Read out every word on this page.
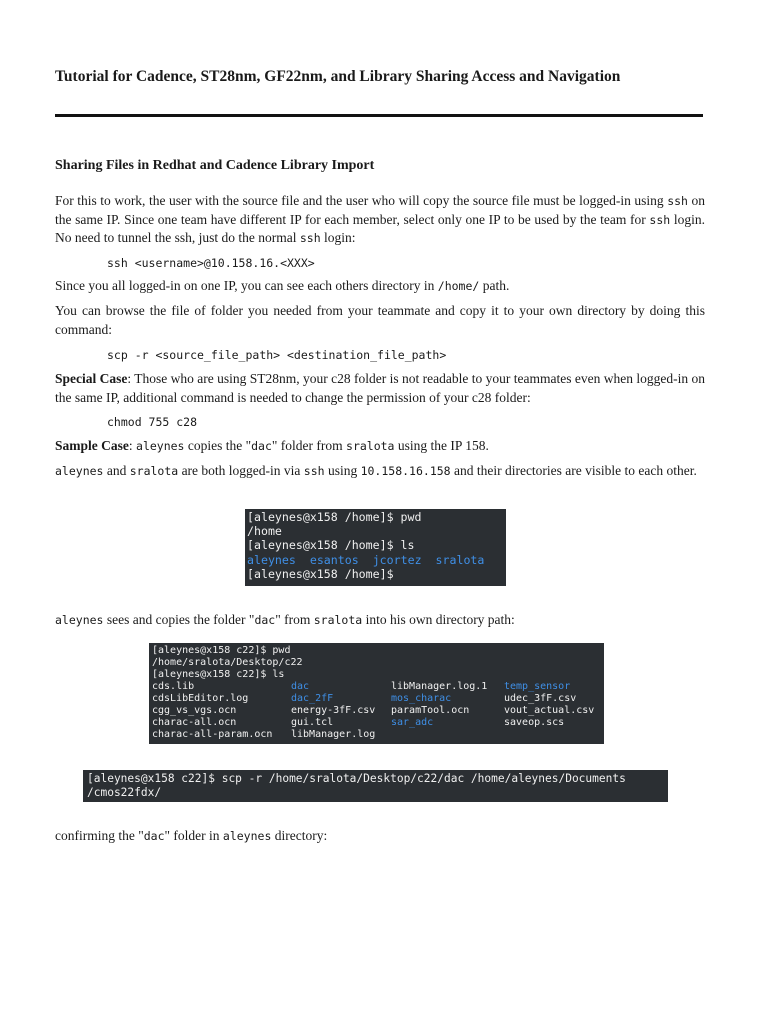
Tutorial for Cadence, ST28nm, GF22nm, and Library Sharing Access and Navigation
Sharing Files in Redhat and Cadence Library Import
For this to work, the user with the source file and the user who will copy the source file must be logged-in using ssh on the same IP. Since one team have different IP for each member, select only one IP to be used by the team for ssh login. No need to tunnel the ssh, just do the normal ssh login:
ssh <username>@10.158.16.<XXX>
Since you all logged-in on one IP, you can see each others directory in /home/ path.
You can browse the file of folder you needed from your teammate and copy it to your own directory by doing this command:
scp -r <source_file_path> <destination_file_path>
Special Case: Those who are using ST28nm, your c28 folder is not readable to your teammates even when logged-in on the same IP, additional command is needed to change the permission of your c28 folder:
chmod 755 c28
Sample Case: aleynes copies the "dac" folder from sralota using the IP 158.
aleynes and sralota are both logged-in via ssh using 10.158.16.158 and their directories are visible to each other.
[aleynes@x158 /home]$ pwd
/home
[aleynes@x158 /home]$ ls
aleynes esantos jcortez sralota
[aleynes@x158 /home]$
aleynes sees and copies the folder "dac" from sralota into his own directory path:
[aleynes@x158 c22]$ pwd
/home/sralota/Desktop/c22
[aleynes@x158 c22]$ ls
cds.lib	dac	libManager.log.1	temp_sensor
cdsLibEditor.log	dac_2fF	mos_charac	udec_3fF.csv
cgg_vs_vgs.ocn	energy-3fF.csv	paramTool.ocn	vout_actual.csv
charac-all.ocn	gui.tcl	sar_adc	saveop.scs
charac-all-param.ocn	libManager.log
[aleynes@x158 c22]$ scp -r /home/sralota/Desktop/c22/dac /home/aleynes/Documents
/cmos22fdx/
confirming the "dac" folder in aleynes directory:
